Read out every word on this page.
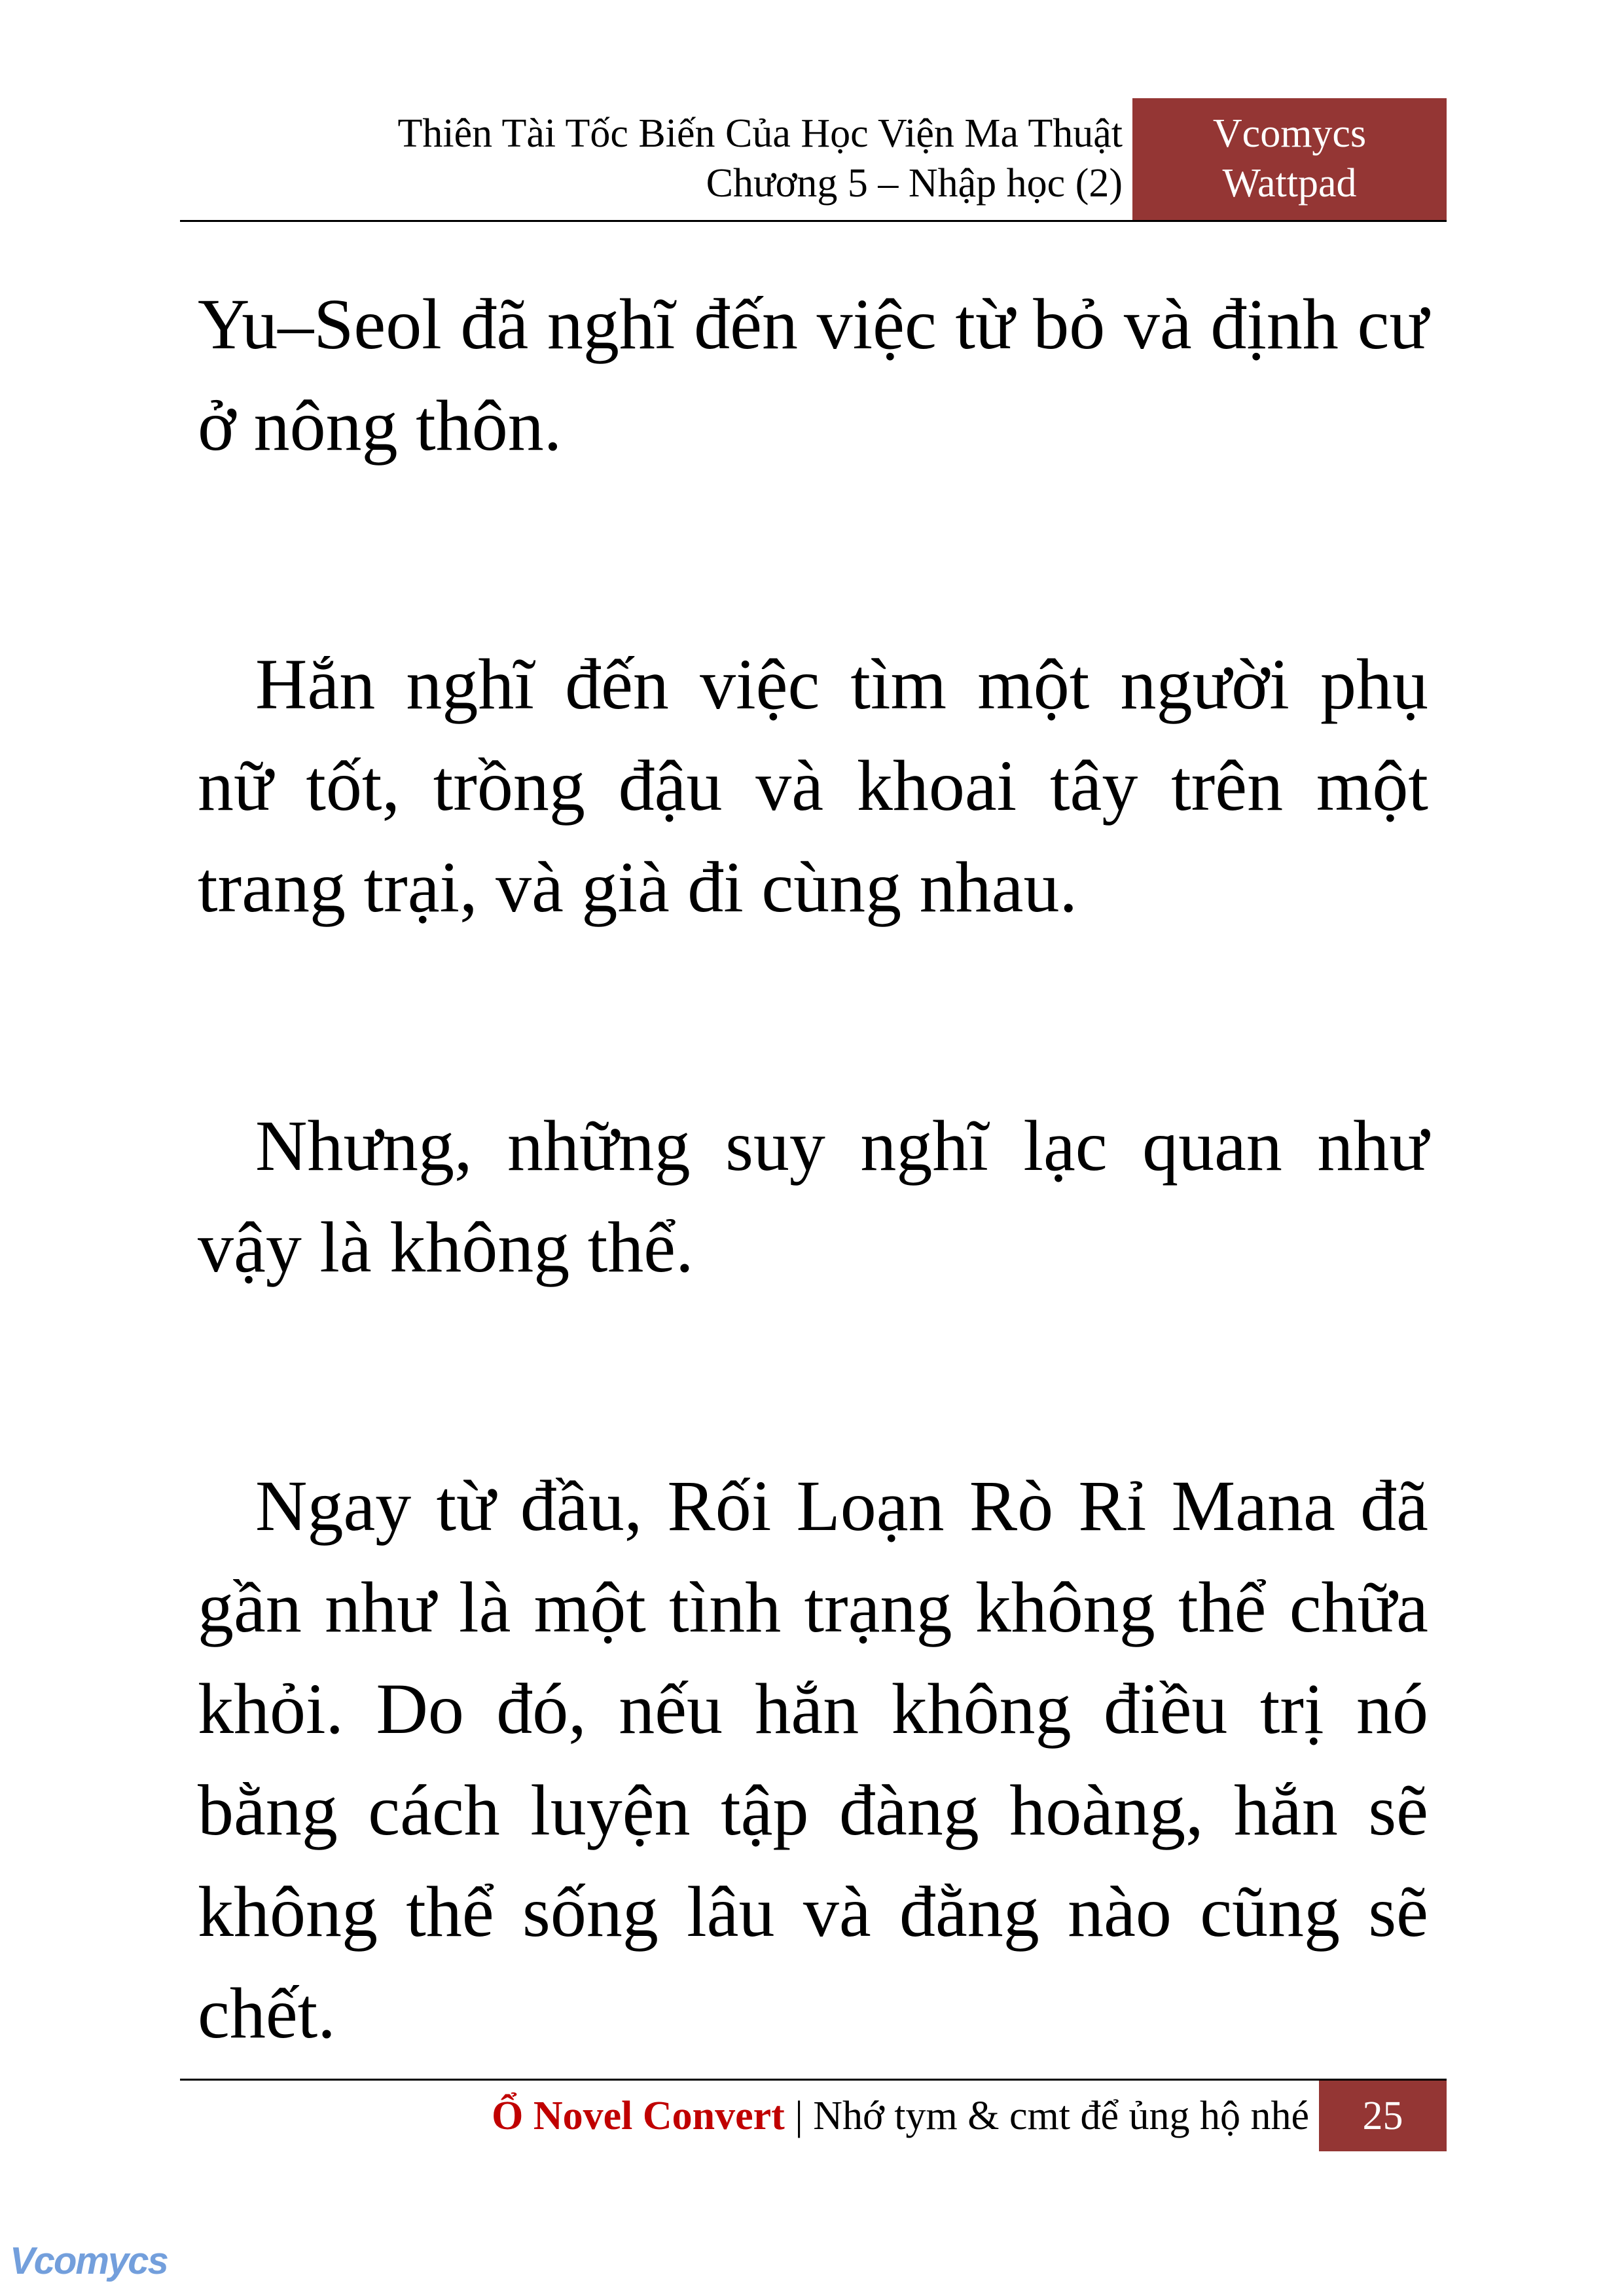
Thiên Tài Tốc Biến Của Học Viện Ma Thuật
Chương 5 – Nhập học (2)
Vcomycs
Wattpad

Yu–Seol đã nghĩ đến việc từ bỏ và định cư ở nông thôn.

Hắn nghĩ đến việc tìm một người phụ nữ tốt, trồng đậu và khoai tây trên một trang trại, và già đi cùng nhau.

Nhưng, những suy nghĩ lạc quan như vậy là không thể.

Ngay từ đầu, Rối Loạn Rò Rỉ Mana đã gần như là một tình trạng không thể chữa khỏi. Do đó, nếu hắn không điều trị nó bằng cách luyện tập đàng hoàng, hắn sẽ không thể sống lâu và đằng nào cũng sẽ chết.

Ổ Novel Convert | Nhớ tym & cmt để ủng hộ nhé	25
Vcomycs
